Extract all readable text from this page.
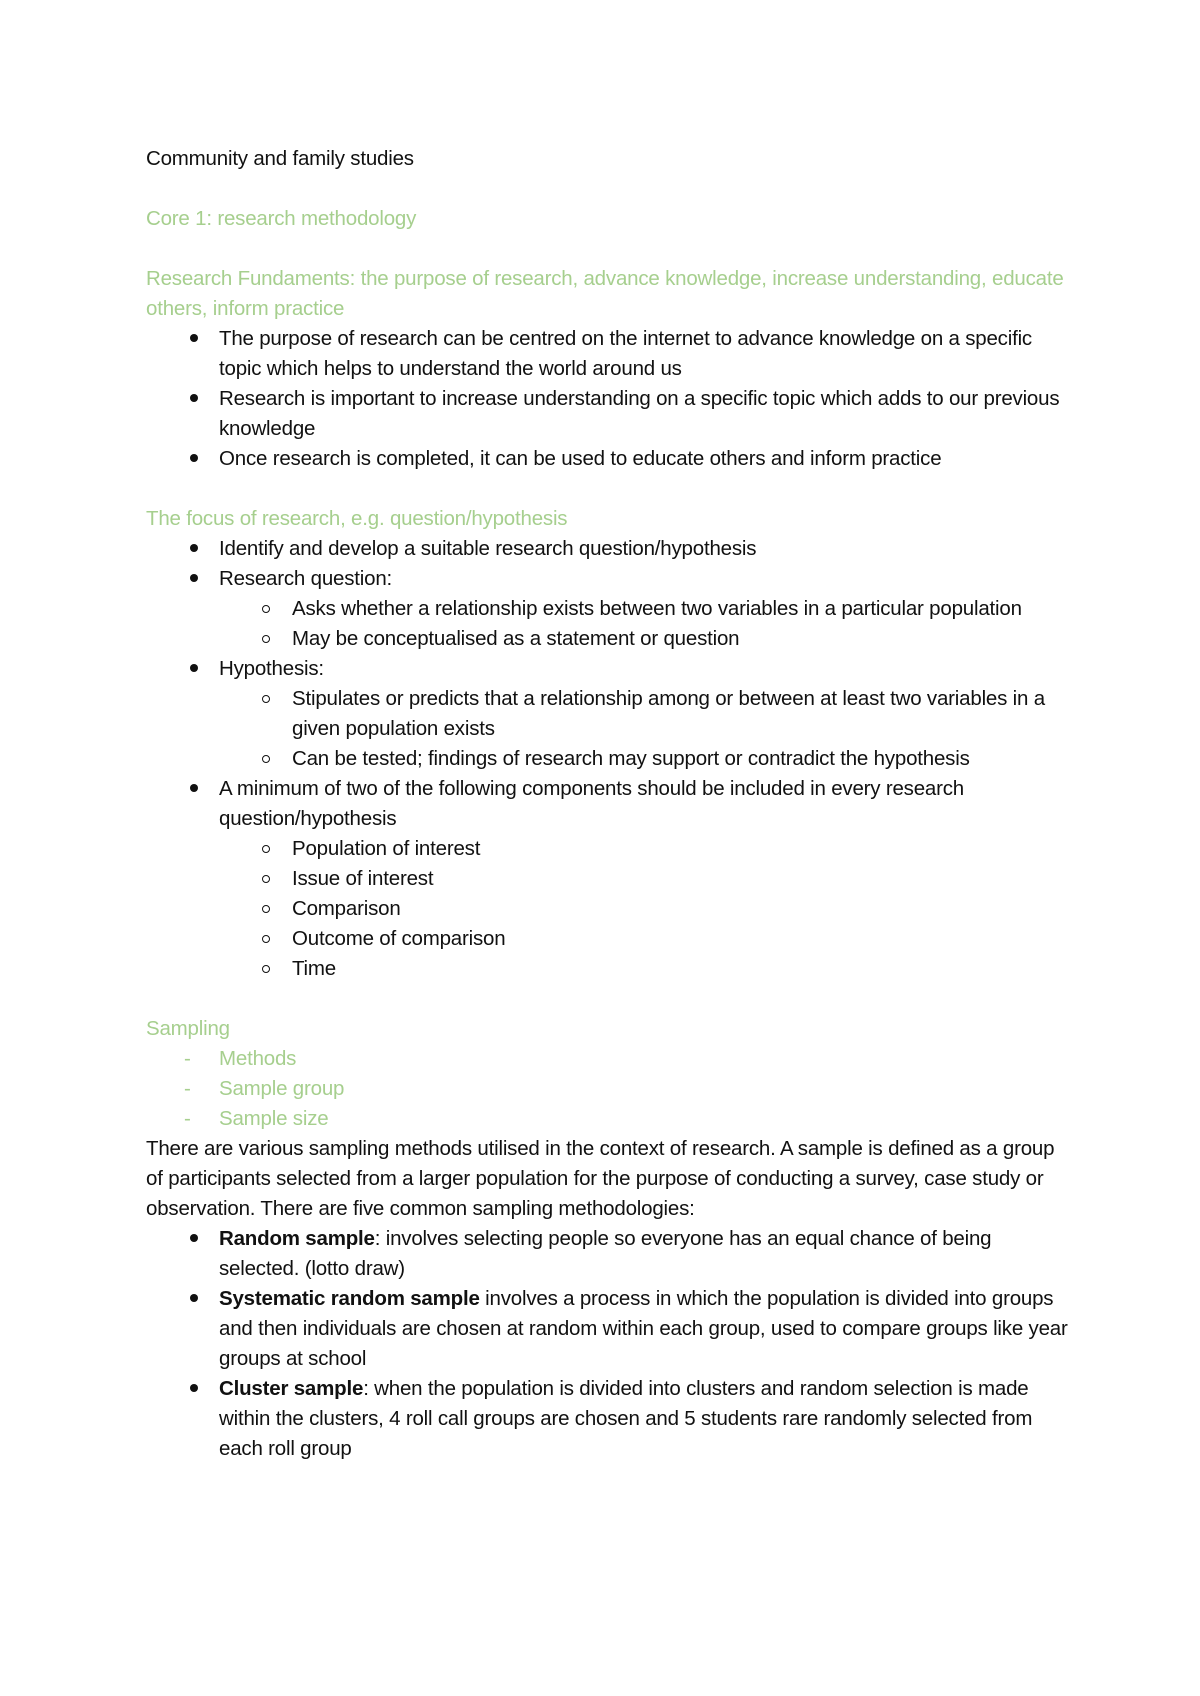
Community and family studies
Core 1: research methodology
Research Fundaments: the purpose of research, advance knowledge, increase understanding, educate others, inform practice
The purpose of research can be centred on the internet to advance knowledge on a specific topic which helps to understand the world around us
Research is important to increase understanding on a specific topic which adds to our previous knowledge
Once research is completed, it can be used to educate others and inform practice
The focus of research, e.g. question/hypothesis
Identify and develop a suitable research question/hypothesis
Research question:
Asks whether a relationship exists between two variables in a particular population
May be conceptualised as a statement or question
Hypothesis:
Stipulates or predicts that a relationship among or between at least two variables in a given population exists
Can be tested; findings of research may support or contradict the hypothesis
A minimum of two of the following components should be included in every research question/hypothesis
Population of interest
Issue of interest
Comparison
Outcome of comparison
Time
Sampling
- Methods
- Sample group
- Sample size
There are various sampling methods utilised in the context of research. A sample is defined as a group of participants selected from a larger population for the purpose of conducting a survey, case study or observation. There are five common sampling methodologies:
Random sample: involves selecting people so everyone has an equal chance of being selected. (lotto draw)
Systematic random sample involves a process in which the population is divided into groups and then individuals are chosen at random within each group, used to compare groups like year groups at school
Cluster sample: when the population is divided into clusters and random selection is made within the clusters, 4 roll call groups are chosen and 5 students rare randomly selected from each roll group
